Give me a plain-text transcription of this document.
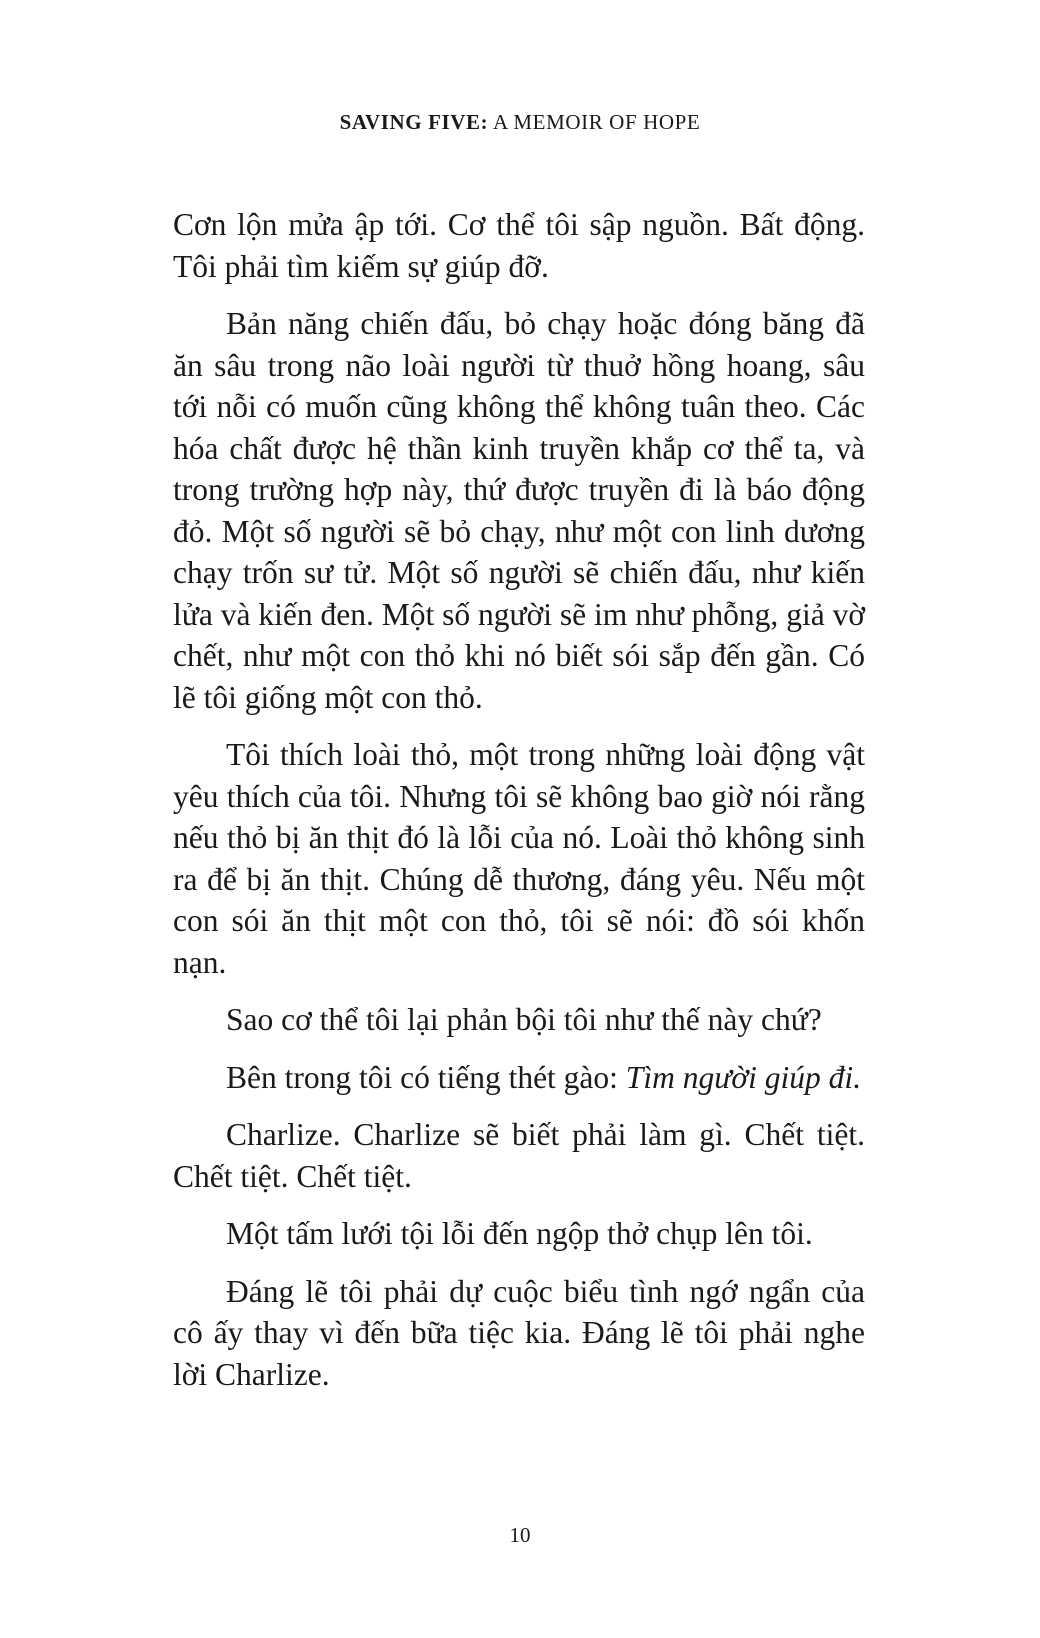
SAVING FIVE: A MEMOIR OF HOPE

Cơn lộn mửa ập tới. Cơ thể tôi sập nguồn. Bất động. Tôi phải tìm kiếm sự giúp đỡ.

Bản năng chiến đấu, bỏ chạy hoặc đóng băng đã ăn sâu trong não loài người từ thuở hồng hoang, sâu tới nỗi có muốn cũng không thể không tuân theo. Các hóa chất được hệ thần kinh truyền khắp cơ thể ta, và trong trường hợp này, thứ được truyền đi là báo động đỏ. Một số người sẽ bỏ chạy, như một con linh dương chạy trốn sư tử. Một số người sẽ chiến đấu, như kiến lửa và kiến đen. Một số người sẽ im như phỗng, giả vờ chết, như một con thỏ khi nó biết sói sắp đến gần. Có lẽ tôi giống một con thỏ.

Tôi thích loài thỏ, một trong những loài động vật yêu thích của tôi. Nhưng tôi sẽ không bao giờ nói rằng nếu thỏ bị ăn thịt đó là lỗi của nó. Loài thỏ không sinh ra để bị ăn thịt. Chúng dễ thương, đáng yêu. Nếu một con sói ăn thịt một con thỏ, tôi sẽ nói: đồ sói khốn nạn.

Sao cơ thể tôi lại phản bội tôi như thế này chứ?

Bên trong tôi có tiếng thét gào: Tìm người giúp đi.

Charlize. Charlize sẽ biết phải làm gì. Chết tiệt. Chết tiệt. Chết tiệt.

Một tấm lưới tội lỗi đến ngộp thở chụp lên tôi.

Đáng lẽ tôi phải dự cuộc biểu tình ngớ ngẩn của cô ấy thay vì đến bữa tiệc kia. Đáng lẽ tôi phải nghe lời Charlize.

10
